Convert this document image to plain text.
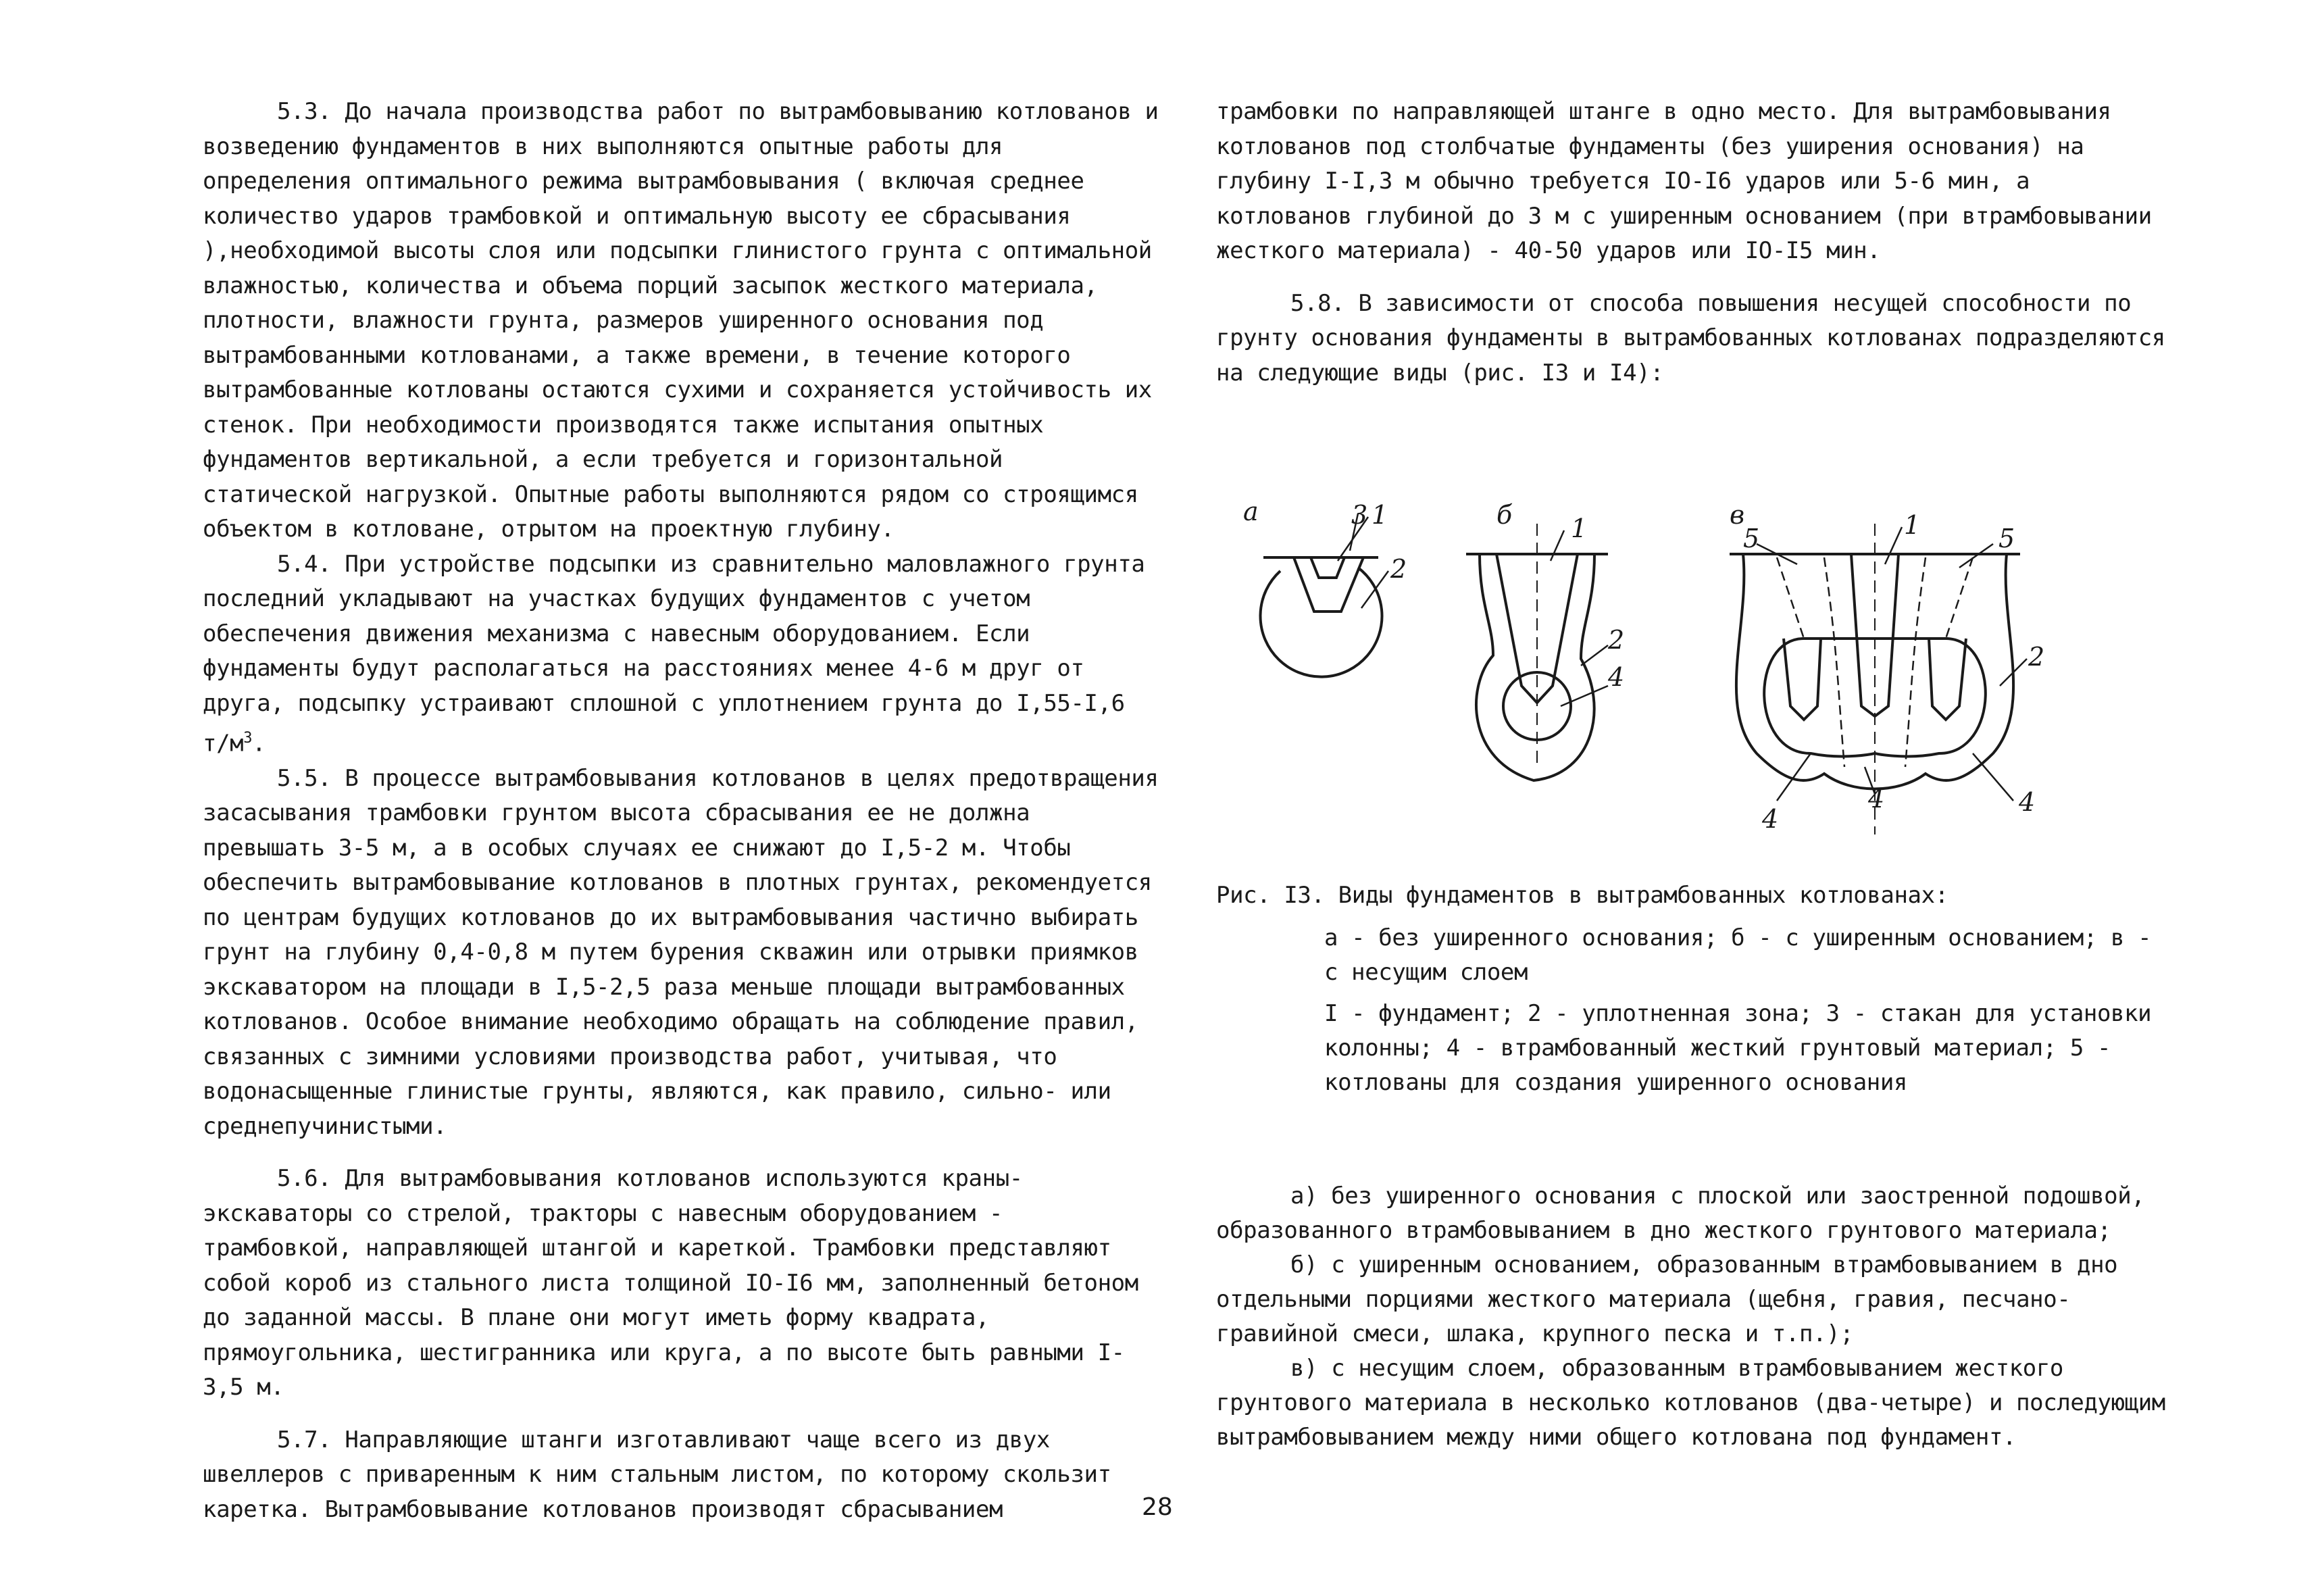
5.3. До начала производства работ по вытрамбовыванию котлованов и возведению фундаментов в них выполняются опытные работы для определения оптимального режима вытрамбовывания ( включая среднее количество ударов трамбовкой и оптимальную высоту ее сбрасывания ),необходимой высоты слоя или подсыпки глинистого грунта с оптимальной влажностью, количества и объема порций засыпок жесткого материала, плотности, влажности грунта, размеров уширенного основания под вытрамбованными котлованами, а также времени, в течение которого вытрамбованные котлованы остаются сухими и сохраняется устойчивость их стенок. При необходимости производятся также испытания опытных фундаментов вертикальной, а если требуется и горизонтальной статической нагрузкой. Опытные работы выполняются рядом со строящимся объектом в котловане, отрытом на проектную глубину.

5.4. При устройстве подсыпки из сравнительно маловлажного грунта последний укладывают на участках будущих фундаментов с учетом обеспечения движения механизма с навесным оборудованием. Если фундаменты будут располагаться на расстояниях менее 4-6 м друг от друга, подсыпку устраивают сплошной с уплотнением грунта до I,55-I,6 $т/м^3$.

5.5. В процессе вытрамбовывания котлованов в целях предотвращения засасывания трамбовки грунтом высота сбрасывания ее не должна превышать 3-5 м, а в особых случаях ее снижают до I,5-2 м. Чтобы обеспечить вытрамбовывание котлованов в плотных грунтах, рекомендуется по центрам будущих котлованов до их вытрамбовывания частично выбирать грунт на глубину 0,4-0,8 м путем бурения скважин или отрывки приямков экскаватором на площади в I,5-2,5 раза меньше площади вытрамбованных котлованов. Особое внимание необходимо обращать на соблюдение правил, связанных с зимними условиями производства работ, учитывая, что водонасыщенные глинистые грунты, являются, как правило, сильно- или среднепучинистыми.

5.6. Для вытрамбовывания котлованов используются краны-экскаваторы со стрелой, тракторы с навесным оборудованием - трамбовкой, направляющей штангой и кареткой. Трамбовки представляют собой короб из стального листа толщиной IO-I6 мм, заполненный бетоном до заданной массы. В плане они могут иметь форму квадрата, прямоугольника, шестигранника или круга, а по высоте быть равными I-3,5 м.

5.7. Направляющие штанги изготавливают чаще всего из двух швеллеров с приваренным к ним стальным листом, по которому скользит каретка. Вытрамбовывание котлованов производят сбрасыванием

трамбовки по направляющей штанге в одно место. Для вытрамбовывания котлованов под столбчатые фундаменты (без уширения основания) на глубину I-I,3 м обычно требуется IO-I6 ударов или 5-6 мин, а котлованов глубиной до 3 м с уширенным основанием (при втрамбовывании жесткого материала) - 40-50 ударов или IO-I5 мин.

5.8. В зависимости от способа повышения несущей способности по грунту основания фундаменты в вытрамбованных котлованах подразделяются на следующие виды (рис. I3 и I4):

а	3 1
2
б 1
2
4
в	1
5	5
2
4
4	4

Рис. I3. Виды фундаментов в вытрамбованных котлованах:

а - без уширенного основания; б - с уширенным основанием; в - с несущим слоем

I - фундамент; 2 - уплотненная зона; 3 - стакан для установки колонны; 4 - втрамбованный жесткий грунтовый материал; 5 - котлованы для создания уширенного основания

а) без уширенного основания с плоской или заостренной подошвой, образованного втрамбовыванием в дно жесткого грунтового материала;

б) с уширенным основанием, образованным втрамбовыванием в дно отдельными порциями жесткого материала (щебня, гравия, песчано-гравийной смеси, шлака, крупного песка и т.п.);

в) с несущим слоем, образованным втрамбовыванием жесткого грунтового материала в несколько котлованов (два-четыре) и последующим вытрамбовыванием между ними общего котлована под фундамент.

28
